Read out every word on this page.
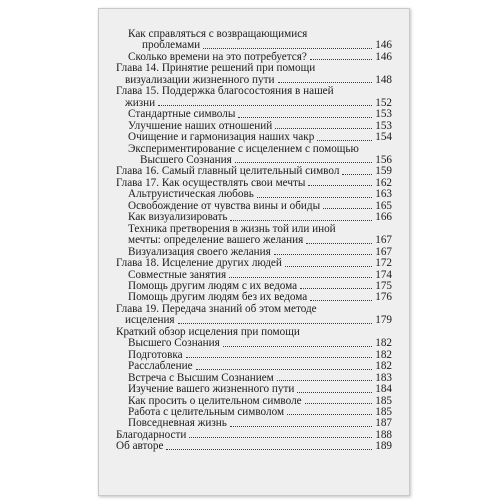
Как справляться с возвращающимися
проблемами	146
Сколько времени на это потребуется?	146
Глава 14. Принятие решений при помощи
визуализации жизненного пути	148
Глава 15. Поддержка благосостояния в нашей
жизни	152
Стандартные символы	153
Улучшение наших отношений	153
Очищение и гармонизация наших чакр	154
Экспериментирование с исцелением с помощью
Высшего Сознания	156
Глава 16. Самый главный целительный символ	159
Глава 17. Как осуществлять свои мечты	162
Альтруистическая любовь	163
Освобождение от чувства вины и обиды	165
Как визуализировать	166
Техника претворения в жизнь той или иной
мечты: определение вашего желания	167
Визуализация своего желания	167
Глава 18. Исцеление других людей	172
Совместные занятия	174
Помощь другим людям с их ведома	175
Помощь другим людям без их ведома	176
Глава 19. Передача знаний об этом методе
исцеления	179
Краткий обзор исцеления при помощи
Высшего Сознания	182
Подготовка	182
Расслабление	182
Встреча с Высшим Сознанием	183
Изучение вашего жизненного пути	184
Как просить о целительном символе	185
Работа с целительным символом	185
Повседневная жизнь	187
Благодарности	188
Об авторе	189
